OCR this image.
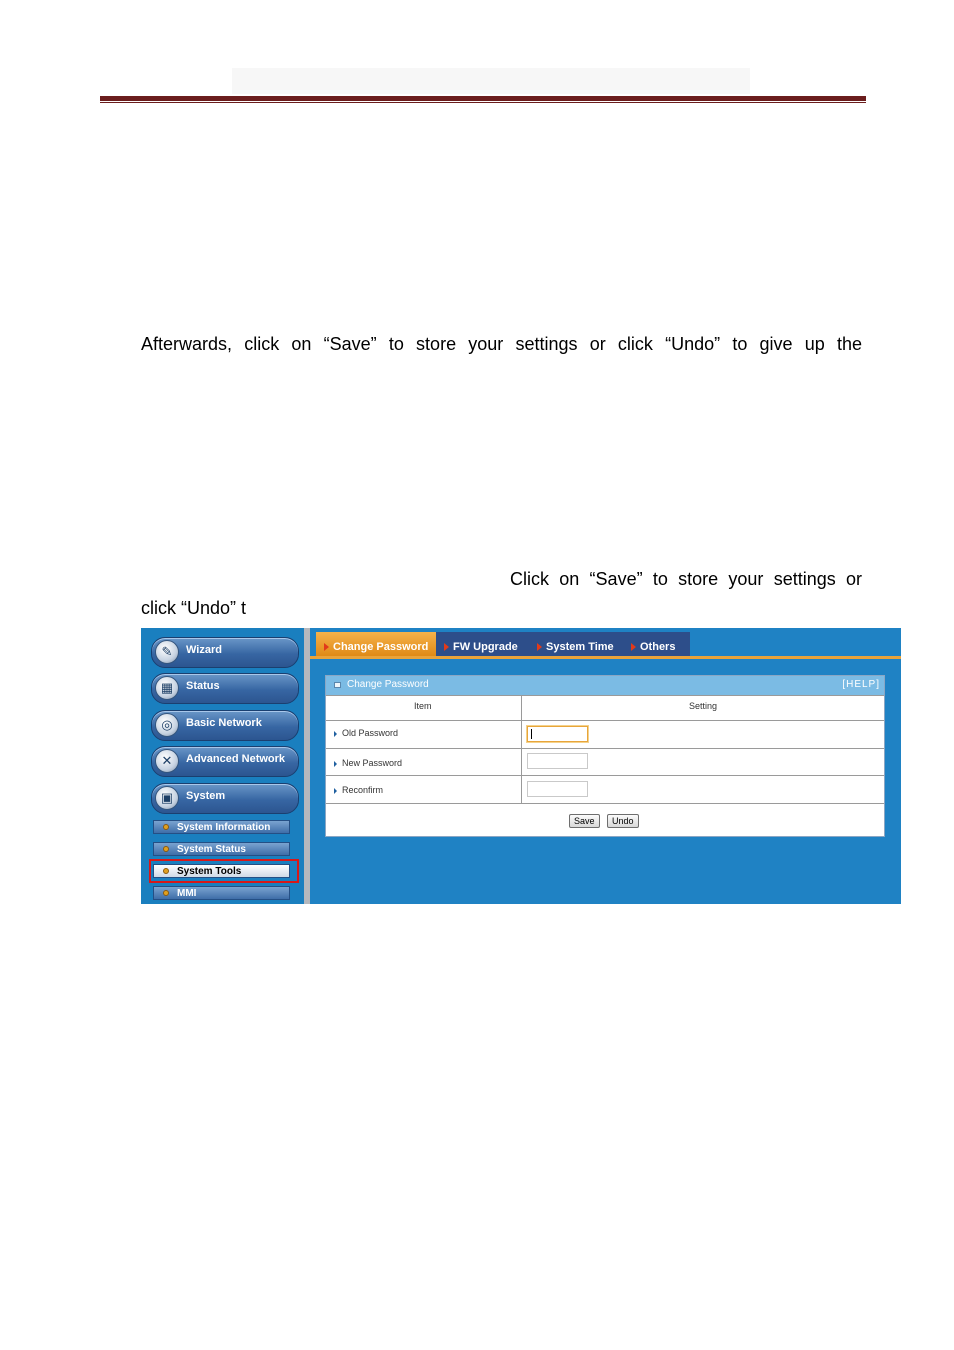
Afterwards, click on “Save” to store your settings or click “Undo” to give up the
Click on “Save” to store your settings or
click “Undo” t
✎	Wizard
▦	Status
◎	Basic Network
✕	Advanced Network
▣	System
System Information
System Status
System Tools
MMI
Change Password	FW Upgrade	System Time	Others
Change Password	[HELP]
Item	Setting
Old Password
New Password
Reconfirm
Save	Undo
